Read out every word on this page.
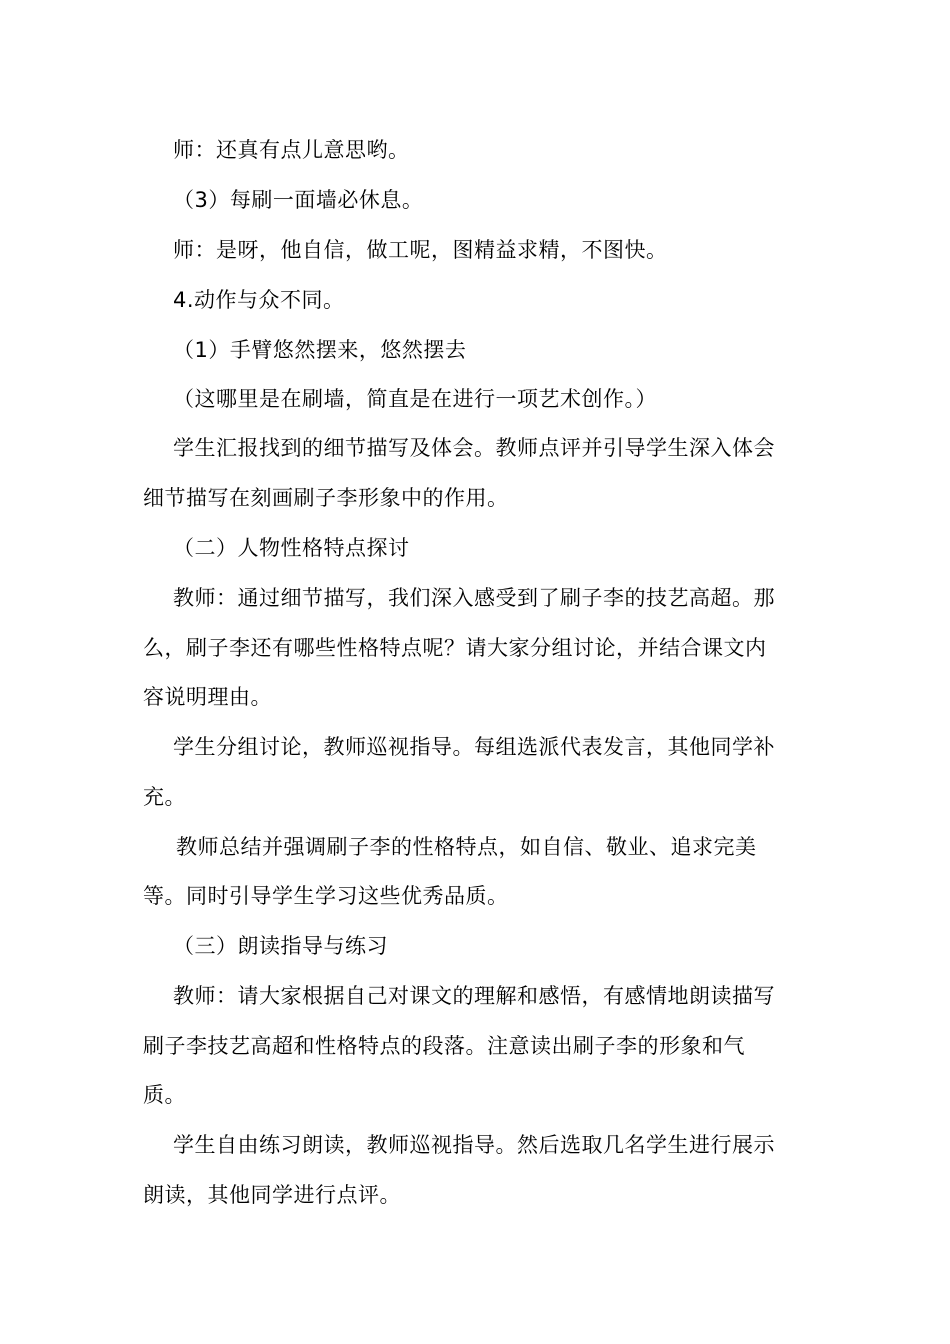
师：还真有点儿意思哟。
（3）每刷一面墙必休息。
师：是呀，他自信，做工呢，图精益求精，不图快。
4.动作与众不同。
（1）手臂悠然摆来，悠然摆去
（这哪里是在刷墙，简直是在进行一项艺术创作。）
学生汇报找到的细节描写及体会。教师点评并引导学生深入体会
细节描写在刻画刷子李形象中的作用。
（二）人物性格特点探讨
教师：通过细节描写，我们深入感受到了刷子李的技艺高超。那
么，刷子李还有哪些性格特点呢？请大家分组讨论，并结合课文内
容说明理由。
学生分组讨论，教师巡视指导。每组选派代表发言，其他同学补
充。
教师总结并强调刷子李的性格特点，如自信、敬业、追求完美
等。同时引导学生学习这些优秀品质。
（三）朗读指导与练习
教师：请大家根据自己对课文的理解和感悟，有感情地朗读描写
刷子李技艺高超和性格特点的段落。注意读出刷子李的形象和气
质。
学生自由练习朗读，教师巡视指导。然后选取几名学生进行展示
朗读，其他同学进行点评。
